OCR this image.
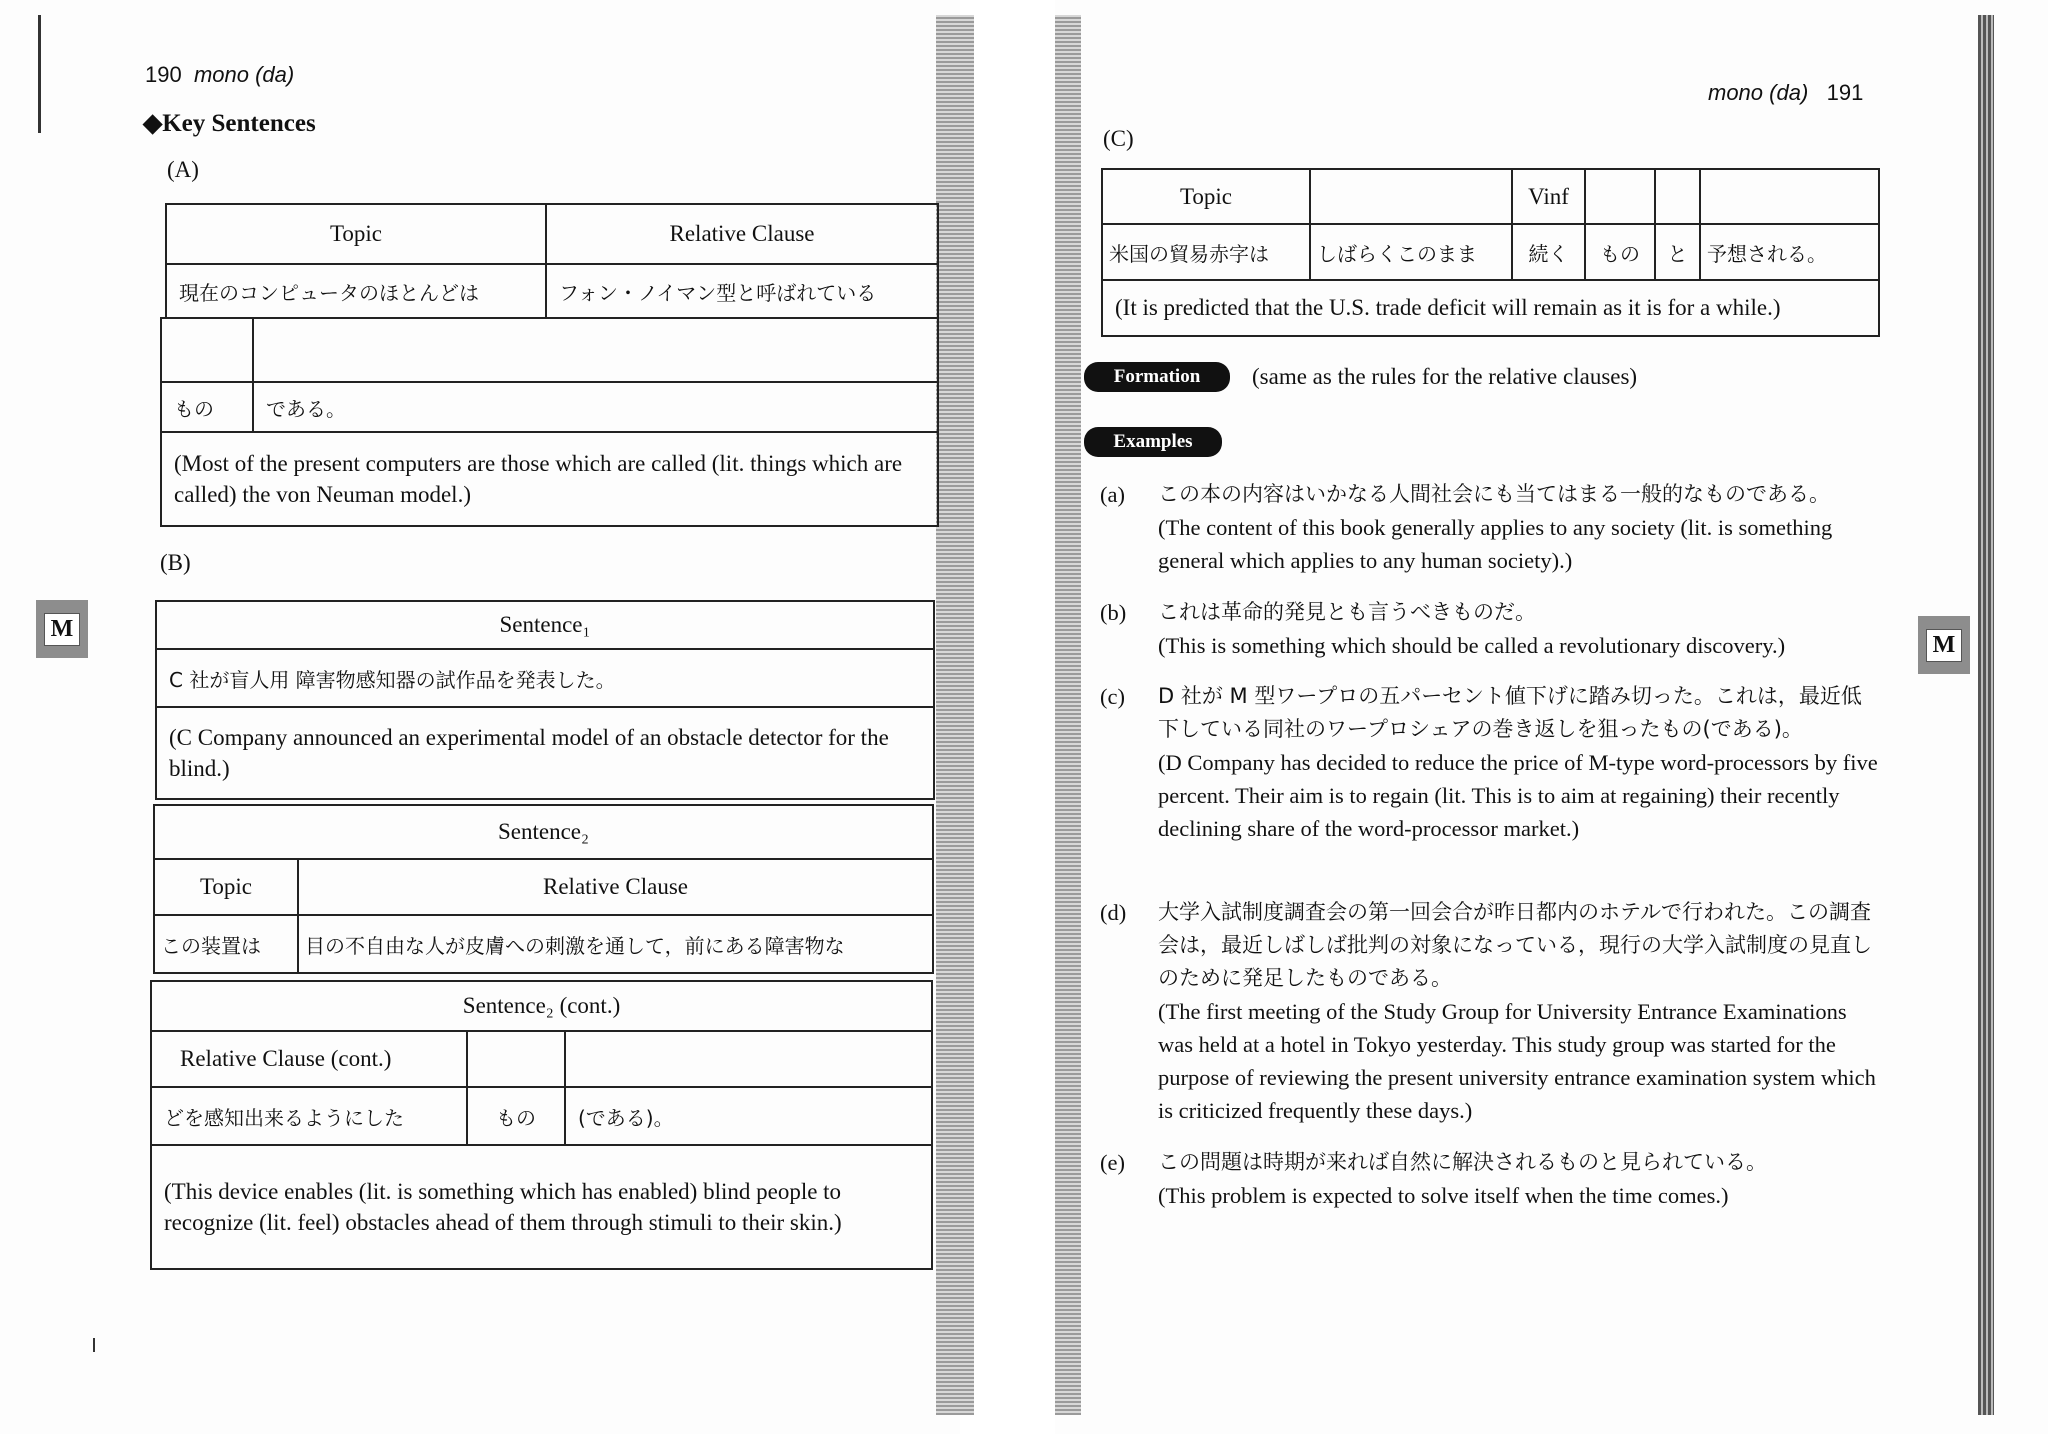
190 mono (da)
◆Key Sentences
(A)
Topic	Relative Clause
現在のコンピュータのほとんどは	フォン・ノイマン型と呼ばれている

もの	である。
(Most of the present computers are those which are called (lit. things which are called) the von Neuman model.)	
(B)
Sentence₁
C 社が盲人用 障害物感知器の試作品を発表した。
(C Company announced an experimental model of an obstacle detector for the blind.)
Sentence₂	
Topic	Relative Clause
この装置は	目の不自由な人が皮膚への刺激を通して，前にある障害物な
Sentence₂ (cont.)		
Relative Clause (cont.)		
どを感知出来るようにした	もの	(である)。
(This device enables (lit. is something which has enabled) blind people to recognize (lit. feel) obstacles ahead of them through stimuli to their skin.)		
M
mono (da) 191
(C)
Topic		Vinf			
米国の貿易赤字は	しばらくこのまま	続く	もの	と	予想される。
(It is predicted that the U.S. trade deficit will remain as it is for a while.)					
Formation	(same as the rules for the relative clauses)
Examples
(a) この本の内容はいかなる人間社会にも当てはまる一般的なものである。
(The content of this book generally applies to any society (lit. is something general which applies to any human society).)
(b) これは革命的発見とも言うべきものだ。
(This is something which should be called a revolutionary discovery.)
(c) D 社が M 型ワープロの五パーセント値下げに踏み切った。これは，最近低下している同社のワープロシェアの巻き返しを狙ったもの(である)。
(D Company has decided to reduce the price of M-type word-processors by five percent. Their aim is to regain (lit. This is to aim at regaining) their recently declining share of the word-processor market.)
(d) 大学入試制度調査会の第一回会合が昨日都内のホテルで行われた。この調査会は，最近しばしば批判の対象になっている，現行の大学入試制度の見直しのために発足したものである。
(The first meeting of the Study Group for University Entrance Examinations was held at a hotel in Tokyo yesterday. This study group was started for the purpose of reviewing the present university entrance examination system which is criticized frequently these days.)
(e) この問題は時期が来れば自然に解決されるものと見られている。
(This problem is expected to solve itself when the time comes.)
M
